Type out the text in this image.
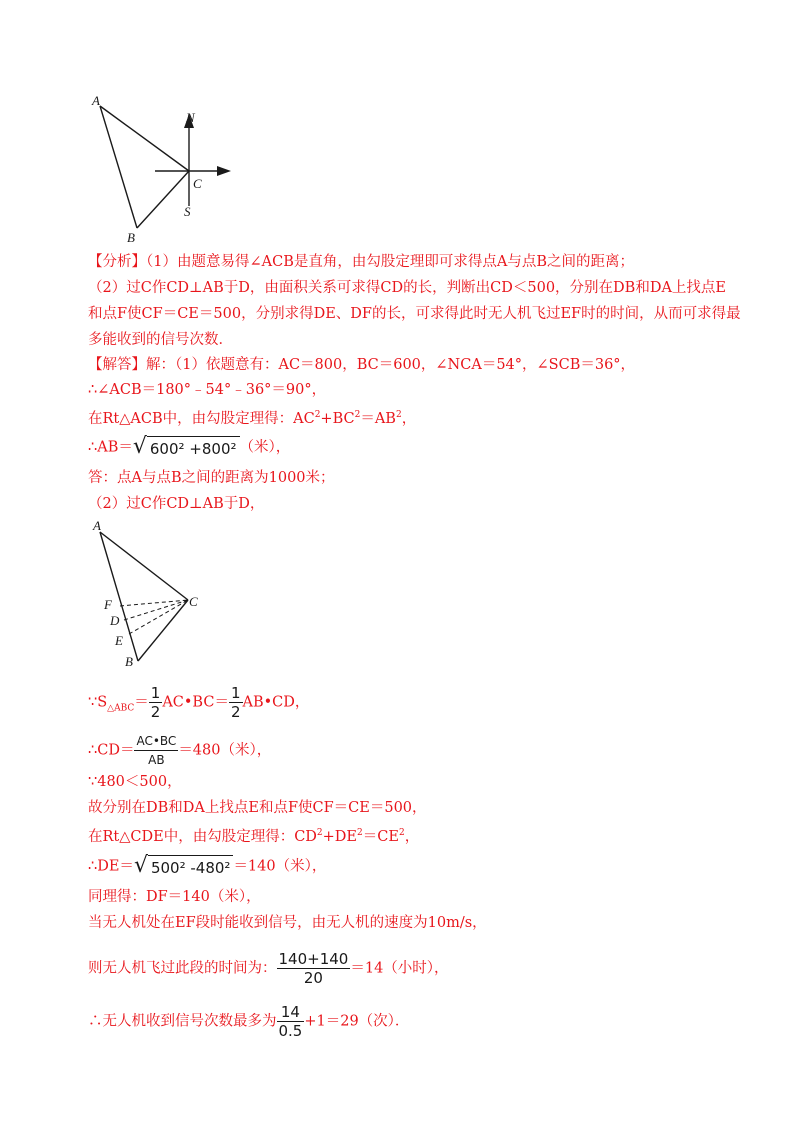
A
B
C
N
S
【分析】（1）由题意易得∠ACB是直角，由勾股定理即可求得点A与点B之间的距离；
（2）过C作CD⊥AB于D，由面积关系可求得CD的长，判断出CD＜500，分别在DB和DA上找点E
和点F使CF＝CE＝500，分别求得DE、DF的长，可求得此时无人机飞过EF时的时间，从而可求得最
多能收到的信号次数．
【解答】解：（1）依题意有：AC＝800，BC＝600，∠NCA＝54°，∠SCB＝36°，
∴∠ACB＝180°﹣54°﹣36°＝90°，
在Rt△ACB中，由勾股定理得：$AC^2+BC^2=AB^2$，
∴AB＝√ 600² +800² （米），
答：点A与点B之间的距离为1000米；
（2）过C作CD⊥AB于D，
A
B
C
F
D
E
$\because S_{\triangle ABC}= \frac{1}{2}$ AC•BC＝ $\frac{1}{2}$ AB•CD，
∴CD＝ $\frac{AC•BC}{AB} =480$（米），
∵480＜500，
故分别在DB和DA上找点E和点F使CF＝CE＝500，
在Rt△CDE中，由勾股定理得：$CD^2+DE^2=CE^2$，
∴DE＝√ 500² -480² ＝140（米），
同理得：DF＝140（米），
当无人机处在EF段时能收到信号，由无人机的速度为10m/s，
则无人机飞过此段的时间为： $\frac{140+140}{20} =14$（小时），
∴无人机收到信号次数最多为 $\frac{14}{0.5} +1=29$（次）．
